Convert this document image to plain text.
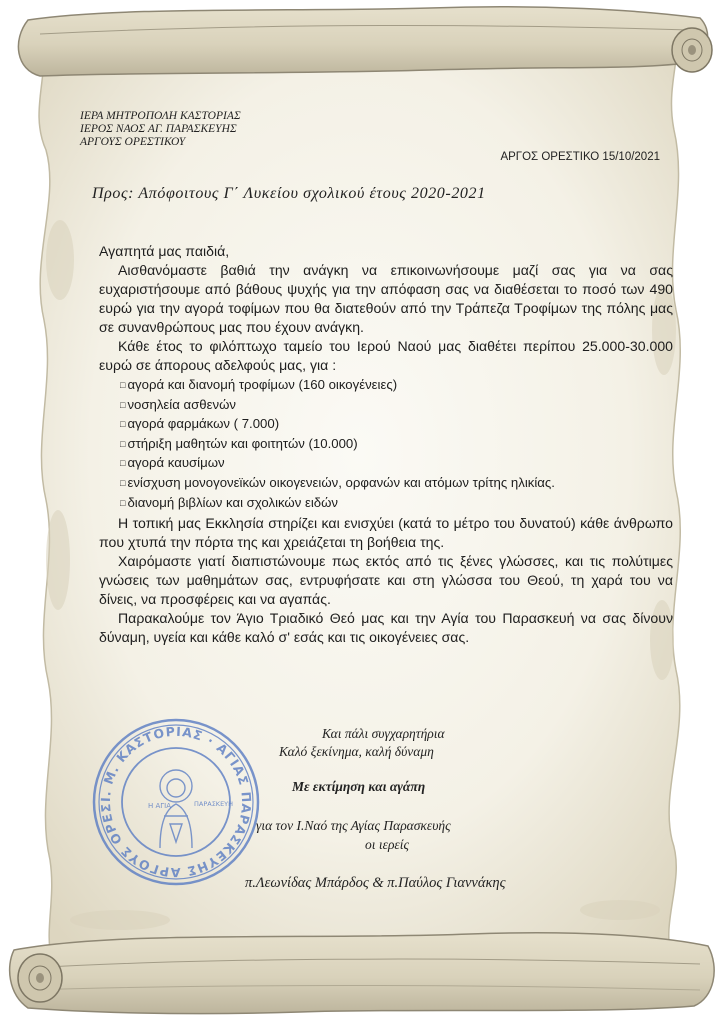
ΙΕΡΑ ΜΗΤΡΟΠΟΛΗ ΚΑΣΤΟΡΙΑΣ
ΙΕΡΟΣ ΝΑΟΣ ΑΓ. ΠΑΡΑΣΚΕΥΗΣ
ΑΡΓΟΥΣ ΟΡΕΣΤΙΚΟΥ
ΑΡΓΟΣ ΟΡΕΣΤΙΚΟ 15/10/2021
Προς: Απόφοιτους Γ΄ Λυκείου σχολικού έτους 2020-2021

Αγαπητά μας παιδιά,

Αισθανόμαστε βαθιά την ανάγκη να επικοινωνήσουμε μαζί σας για να σας ευχαριστήσουμε από βάθους ψυχής για την απόφαση σας να διαθέσεται το ποσό των 490 ευρώ για την αγορά τοφίμων που θα διατεθούν από την Τράπεζα Τροφίμων της πόλης μας σε συνανθρώπους μας που έχουν ανάγκη.

Κάθε έτος το φιλόπτωχο ταμείο του Ιερού Ναού μας διαθέτει περίπου 25.000-30.000 ευρώ σε άπορους αδελφούς μας, για :

□ αγορά και διανομή τροφίμων (160 οικογένειες)
□ νοσηλεία ασθενών
□ αγορά φαρμάκων ( 7.000)
□ στήριξη μαθητών και φοιτητών (10.000)
□ αγορά καυσίμων
□ ενίσχυση μονογονεϊκών οικογενειών, ορφανών και ατόμων τρίτης ηλικίας.
□ διανομή βιβλίων και σχολικών ειδών

Η τοπική μας Εκκλησία στηρίζει και ενισχύει (κατά το μέτρο του δυνατού) κάθε άνθρωπο που χτυπά την πόρτα της και χρειάζεται τη βοήθεια της.

Χαιρόμαστε γιατί διαπιστώνουμε πως εκτός από τις ξένες γλώσσες, και τις πολύτιμες γνώσεις των μαθημάτων σας, εντρυφήσατε και στη γλώσσα του Θεού, τη χαρά του να δίνεις, να προσφέρεις και να αγαπάς.

Παρακαλούμε τον Άγιο Τριαδικό Θεό μας και την Αγία του Παρασκευή να σας δίνουν δύναμη, υγεία και κάθε καλό σ' εσάς και τις οικογένειες σας.

Ι. Μ. ΚΑΣΤΟΡΙΑΣ · ΑΓΙΑΣ ΠΑΡΑΣΚΕΥΗΣ ΑΡΓΟΥΣ ΟΡΕΣ	Η ΑΓΙΑ	ΠΑΡΑΣΚΕΥΗ
Και πάλι συγχαρητήρια
Καλό ξεκίνημα, καλή δύναμη
Με εκτίμηση και αγάπη
για τον Ι.Ναό της Αγίας Παρασκευής
οι ιερείς
π.Λεωνίδας Μπάρδος & π.Παύλος Γιαννάκης
